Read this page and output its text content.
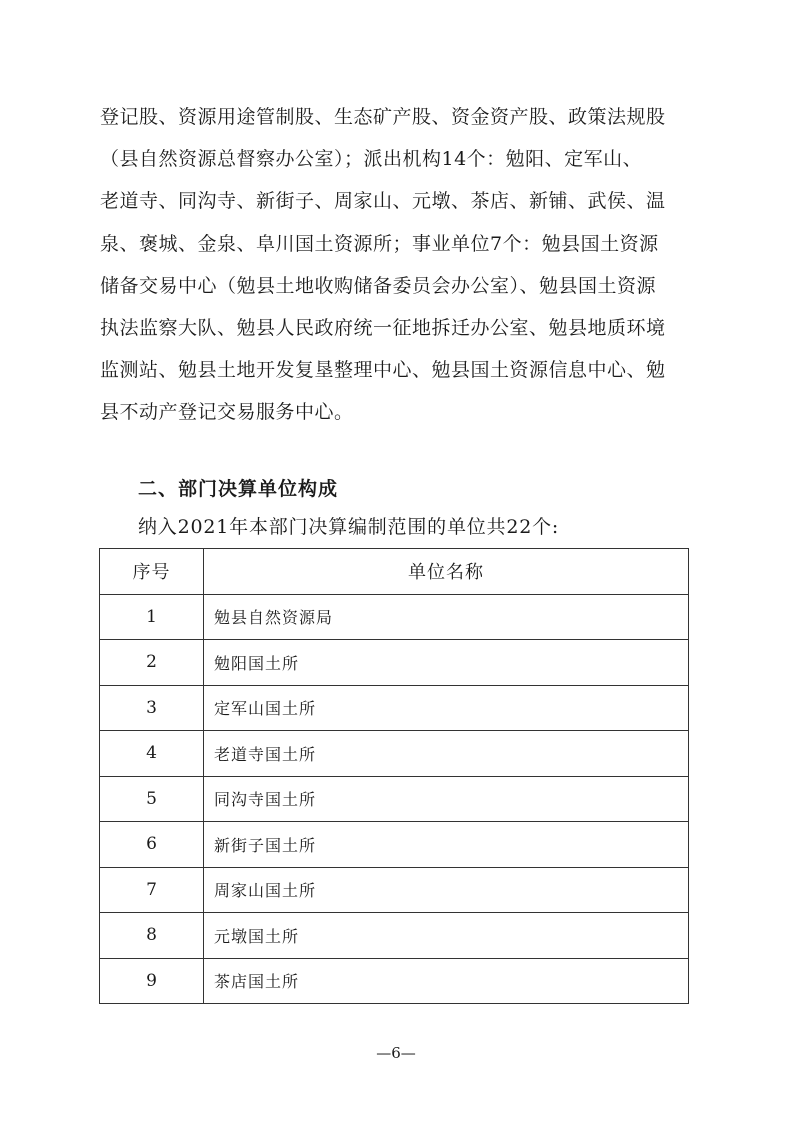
登记股、资源用途管制股、生态矿产股、资金资产股、政策法规股
（县自然资源总督察办公室）；派出机构14个：勉阳、定军山、
老道寺、同沟寺、新街子、周家山、元墩、茶店、新铺、武侯、温
泉、褒城、金泉、阜川国土资源所；事业单位7个：勉县国土资源
储备交易中心（勉县土地收购储备委员会办公室）、勉县国土资源
执法监察大队、勉县人民政府统一征地拆迁办公室、勉县地质环境
监测站、勉县土地开发复垦整理中心、勉县国土资源信息中心、勉
县不动产登记交易服务中心。

二、部门决算单位构成

纳入2021年本部门决算编制范围的单位共22个:

序号	单位名称
1	勉县自然资源局
2	勉阳国土所
3	定军山国土所
4	老道寺国土所
5	同沟寺国土所
6	新街子国土所
7	周家山国土所
8	元墩国土所
9	茶店国土所

—6—
